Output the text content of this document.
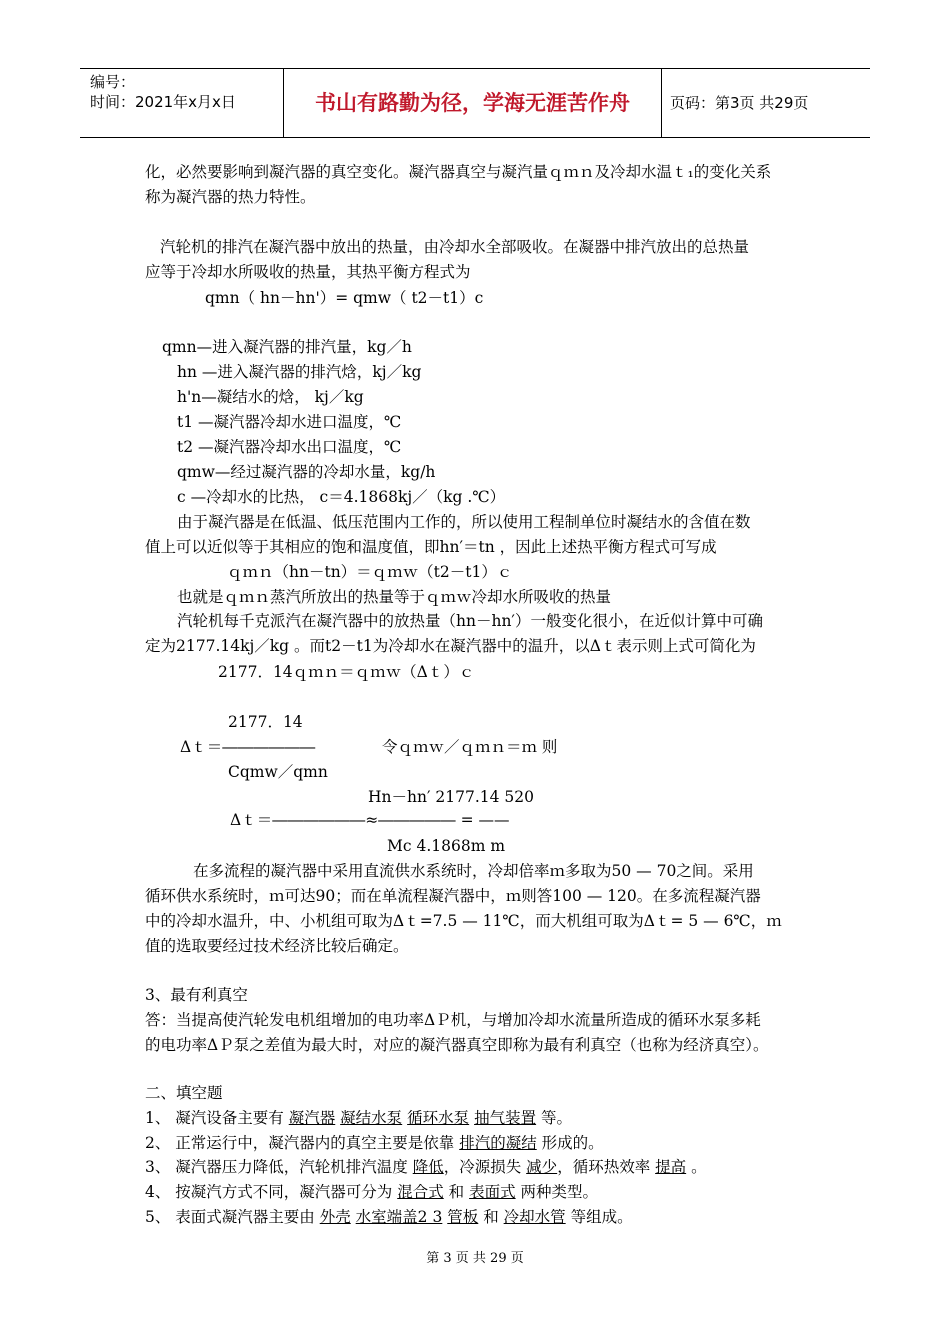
编号：
时间：2021年x月x日	书山有路勤为径，学海无涯苦作舟	页码：第3页 共29页
化，必然要影响到凝汽器的真空变化。凝汽器真空与凝汽量ｑｍｎ及冷却水温ｔ₁的变化关系
称为凝汽器的热力特性。
汽轮机的排汽在凝汽器中放出的热量，由冷却水全部吸收。在凝器中排汽放出的总热量
应等于冷却水所吸收的热量，其热平衡方程式为
qmn（ hn－hn'）= qmw（ t2－t1）c
qmn—进入凝汽器的排汽量，kg／h
hn —进入凝汽器的排汽焓，kj／kg
h'n—凝结水的焓， kj／kg
t1 —凝汽器冷却水进口温度，℃
t2 —凝汽器冷却水出口温度，℃
qmw—经过凝汽器的冷却水量，kg/h
c —冷却水的比热， c＝4.1868kj／（kg .℃）
由于凝汽器是在低温、低压范围内工作的，所以使用工程制单位时凝结水的含值在数
值上可以近似等于其相应的饱和温度值，即hn′＝tn ，因此上述热平衡方程式可写成
ｑｍｎ（hn－tn）＝ｑｍｗ（t2－t1）ｃ
也就是ｑｍｎ蒸汽所放出的热量等于ｑｍｗ冷却水所吸收的热量
汽轮机每千克派汽在凝汽器中的放热量（hn－hn′）一般变化很小，在近似计算中可确
定为2177.14kj／kg 。而t2－t1为冷却水在凝汽器中的温升，以Δｔ表示则上式可简化为
2177．14ｑｍｎ＝ｑｍｗ（Δｔ）ｃ
2177．14
Δｔ＝――――――	令ｑｍｗ／ｑｍｎ＝ｍ 则
Cqmw／qmn
Hn－hn′ 2177.14 520
Δｔ＝――――――≈――――― = ——
Mc 4.1868m m
在多流程的凝汽器中采用直流供水系统时，冷却倍率ｍ多取为50 — 70之间。采用
循环供水系统时，ｍ可达90；而在单流程凝汽器中，ｍ则答100 — 120。在多流程凝汽器
中的冷却水温升，中、小机组可取为Δｔ=7.5 — 11℃，而大机组可取为Δｔ= 5 — 6℃，ｍ
值的选取要经过技术经济比较后确定。
3、最有利真空
答：当提高使汽轮发电机组增加的电功率ΔＰ机，与增加冷却水流量所造成的循环水泵多耗
的电功率ΔＰ泵之差值为最大时，对应的凝汽器真空即称为最有利真空（也称为经济真空）。
二、填空题
1、 凝汽设备主要有 凝汽器 凝结水泵 循环水泵 抽气装置 等。
2、 正常运行中，凝汽器内的真空主要是依靠 排汽的凝结 形成的。
3、 凝汽器压力降低，汽轮机排汽温度 降低，冷源损失 减少，循环热效率 提高 。
4、 按凝汽方式不同，凝汽器可分为 混合式 和 表面式 两种类型。
5、 表面式凝汽器主要由 外壳 水室端盖2 3 管板 和 冷却水管 等组成。
第 3 页 共 29 页
